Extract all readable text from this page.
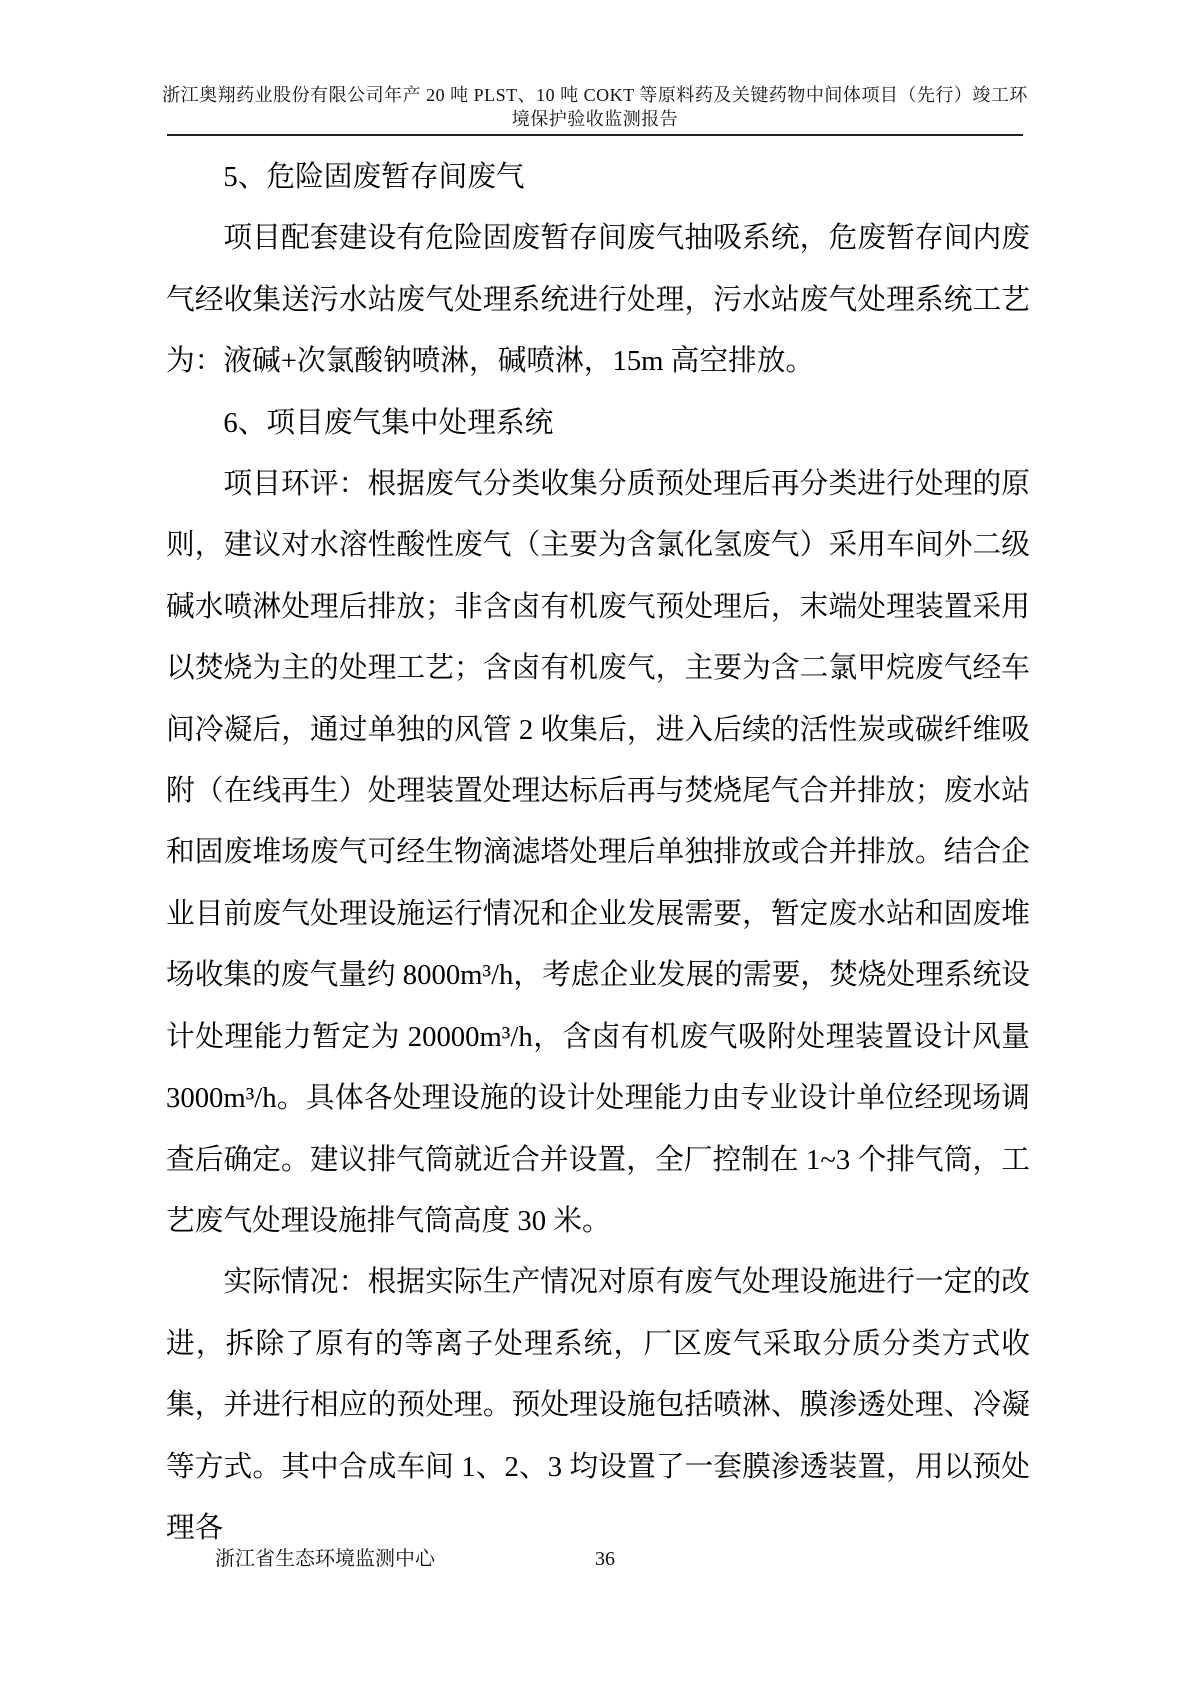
浙江奥翔药业股份有限公司年产 20 吨 PLST、10 吨 COKT 等原料药及关键药物中间体项目（先行）竣工环境保护验收监测报告

5、危险固废暂存间废气

项目配套建设有危险固废暂存间废气抽吸系统，危废暂存间内废气经收集送污水站废气处理系统进行处理，污水站废气处理系统工艺为：液碱+次氯酸钠喷淋，碱喷淋，15m 高空排放。

6、项目废气集中处理系统

项目环评：根据废气分类收集分质预处理后再分类进行处理的原则，建议对水溶性酸性废气（主要为含氯化氢废气）采用车间外二级碱水喷淋处理后排放；非含卤有机废气预处理后，末端处理装置采用以焚烧为主的处理工艺；含卤有机废气，主要为含二氯甲烷废气经车间冷凝后，通过单独的风管 2 收集后，进入后续的活性炭或碳纤维吸附（在线再生）处理装置处理达标后再与焚烧尾气合并排放；废水站和固废堆场废气可经生物滴滤塔处理后单独排放或合并排放。结合企业目前废气处理设施运行情况和企业发展需要，暂定废水站和固废堆场收集的废气量约 8000m³/h，考虑企业发展的需要，焚烧处理系统设计处理能力暂定为 20000m³/h，含卤有机废气吸附处理装置设计风量 3000m³/h。具体各处理设施的设计处理能力由专业设计单位经现场调查后确定。建议排气筒就近合并设置，全厂控制在 1~3 个排气筒，工艺废气处理设施排气筒高度 30 米。

实际情况：根据实际生产情况对原有废气处理设施进行一定的改进，拆除了原有的等离子处理系统，厂区废气采取分质分类方式收集，并进行相应的预处理。预处理设施包括喷淋、膜渗透处理、冷凝等方式。其中合成车间 1、2、3 均设置了一套膜渗透装置，用以预处理各

浙江省生态环境监测中心	36
